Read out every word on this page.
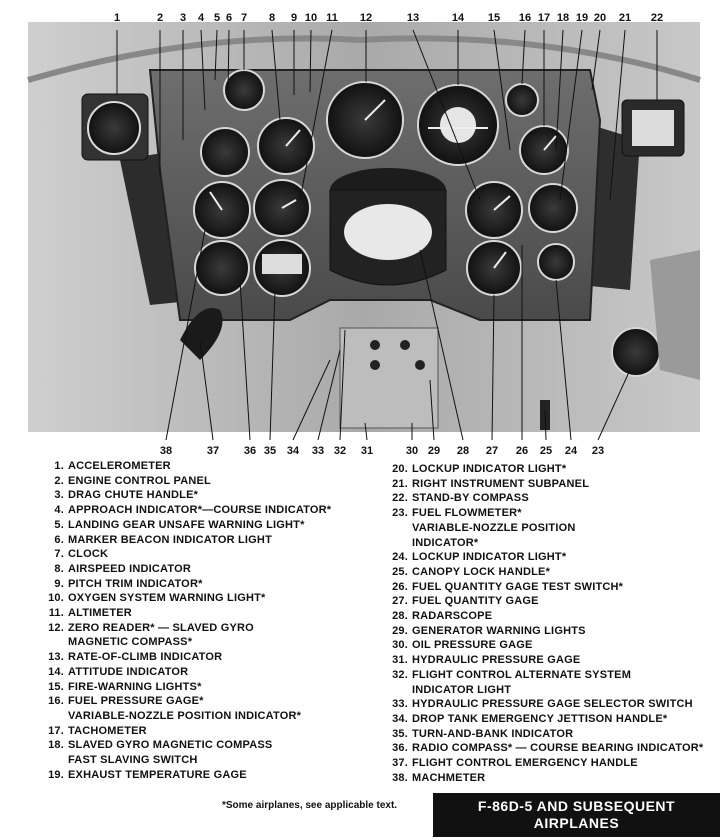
1	2 3 4 5 6 7 8 9 10 11 12	13	14 15 16 17 18 19 20 21 22
38	37 36 35 34 33 32 31	30 29 28 27 26 25 24 23
1. ACCELEROMETER
2. ENGINE CONTROL PANEL
3. DRAG CHUTE HANDLE*
4. APPROACH INDICATOR*—COURSE INDICATOR*
5. LANDING GEAR UNSAFE WARNING LIGHT*
6. MARKER BEACON INDICATOR LIGHT
7. CLOCK
8. AIRSPEED INDICATOR
9. PITCH TRIM INDICATOR*
10. OXYGEN SYSTEM WARNING LIGHT*
11. ALTIMETER
12. ZERO READER* — SLAVED GYRO
MAGNETIC COMPASS*
13. RATE-OF-CLIMB INDICATOR
14. ATTITUDE INDICATOR
15. FIRE-WARNING LIGHTS*
16. FUEL PRESSURE GAGE*
VARIABLE-NOZZLE POSITION INDICATOR*
17. TACHOMETER
18. SLAVED GYRO MAGNETIC COMPASS
FAST SLAVING SWITCH
19. EXHAUST TEMPERATURE GAGE
20. LOCKUP INDICATOR LIGHT*
21. RIGHT INSTRUMENT SUBPANEL
22. STAND-BY COMPASS
23. FUEL FLOWMETER*
VARIABLE-NOZZLE POSITION
INDICATOR*
24. LOCKUP INDICATOR LIGHT*
25. CANOPY LOCK HANDLE*
26. FUEL QUANTITY GAGE TEST SWITCH*
27. FUEL QUANTITY GAGE
28. RADARSCOPE
29. GENERATOR WARNING LIGHTS
30. OIL PRESSURE GAGE
31. HYDRAULIC PRESSURE GAGE
32. FLIGHT CONTROL ALTERNATE SYSTEM
INDICATOR LIGHT
33. HYDRAULIC PRESSURE GAGE SELECTOR SWITCH
34. DROP TANK EMERGENCY JETTISON HANDLE*
35. TURN-AND-BANK INDICATOR
36. RADIO COMPASS* — COURSE BEARING INDICATOR*
37. FLIGHT CONTROL EMERGENCY HANDLE
38. MACHMETER
*Some airplanes, see applicable text.	F-86D-5 AND SUBSEQUENT
AIRPLANES
